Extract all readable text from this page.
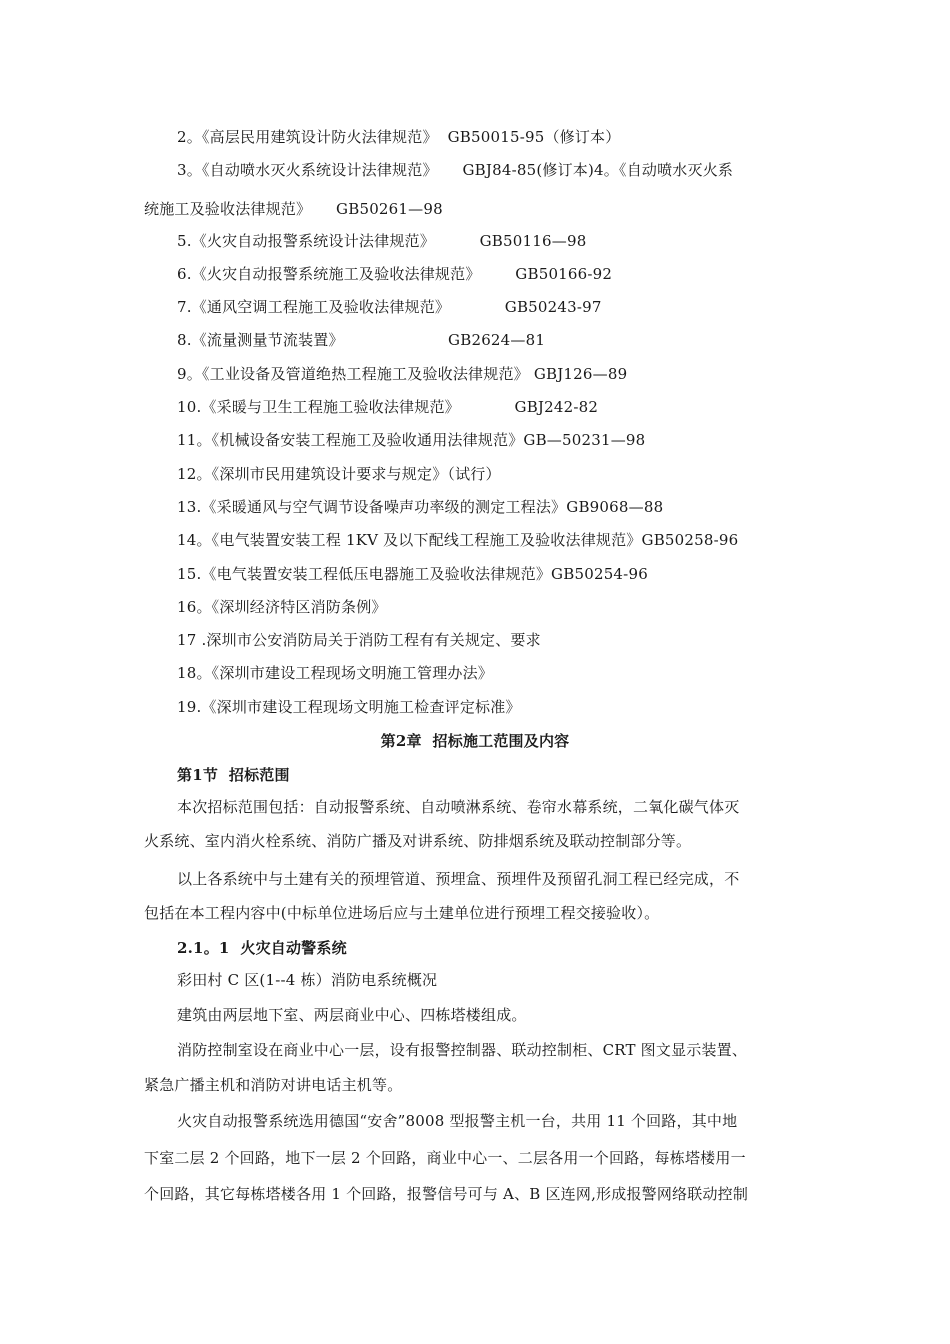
2。《高层民用建筑设计防火法律规范》  GB50015-95（修订本）
3。《自动喷水灭火系统设计法律规范》     GBJ84-85(修订本)4。《自动喷水灭火系
统施工及验收法律规范》     GB50261—98
5.《火灾自动报警系统设计法律规范》         GB50116—98
6.《火灾自动报警系统施工及验收法律规范》       GB50166-92
7.《通风空调工程施工及验收法律规范》           GB50243-97
8.《流量测量节流装置》                     GB2624—81
9。《工业设备及管道绝热工程施工及验收法律规范》 GBJ126—89
10.《采暖与卫生工程施工验收法律规范》           GBJ242-82
11。《机械设备安装工程施工及验收通用法律规范》GB—50231—98
12。《深圳市民用建筑设计要求与规定》（试行）
13.《采暖通风与空气调节设备噪声功率级的测定工程法》GB9068—88
14。《电气装置安装工程 1KV 及以下配线工程施工及验收法律规范》GB50258-96
15.《电气装置安装工程低压电器施工及验收法律规范》GB50254-96
16。《深圳经济特区消防条例》
17 .深圳市公安消防局关于消防工程有有关规定、要求
18。《深圳市建设工程现场文明施工管理办法》
19.《深圳市建设工程现场文明施工检查评定标准》
第2章  招标施工范围及内容
第1节  招标范围
本次招标范围包括：自动报警系统、自动喷淋系统、卷帘水幕系统，二氧化碳气体灭
火系统、室内消火栓系统、消防广播及对讲系统、防排烟系统及联动控制部分等。
以上各系统中与土建有关的预埋管道、预埋盒、预埋件及预留孔洞工程已经完成，不
包括在本工程内容中(中标单位进场后应与土建单位进行预埋工程交接验收）。
2.1。1  火灾自动警系统
彩田村 C 区(1--4 栋）消防电系统概况
建筑由两层地下室、两层商业中心、四栋塔楼组成。
消防控制室设在商业中心一层，设有报警控制器、联动控制柜、CRT 图文显示装置、
紧急广播主机和消防对讲电话主机等。
火灾自动报警系统选用德国“安舍”8008 型报警主机一台，共用 11 个回路，其中地
下室二层 2 个回路，地下一层 2 个回路，商业中心一、二层各用一个回路，每栋塔楼用一
个回路，其它每栋塔楼各用 1 个回路，报警信号可与 A、B 区连网,形成报警网络联动控制
